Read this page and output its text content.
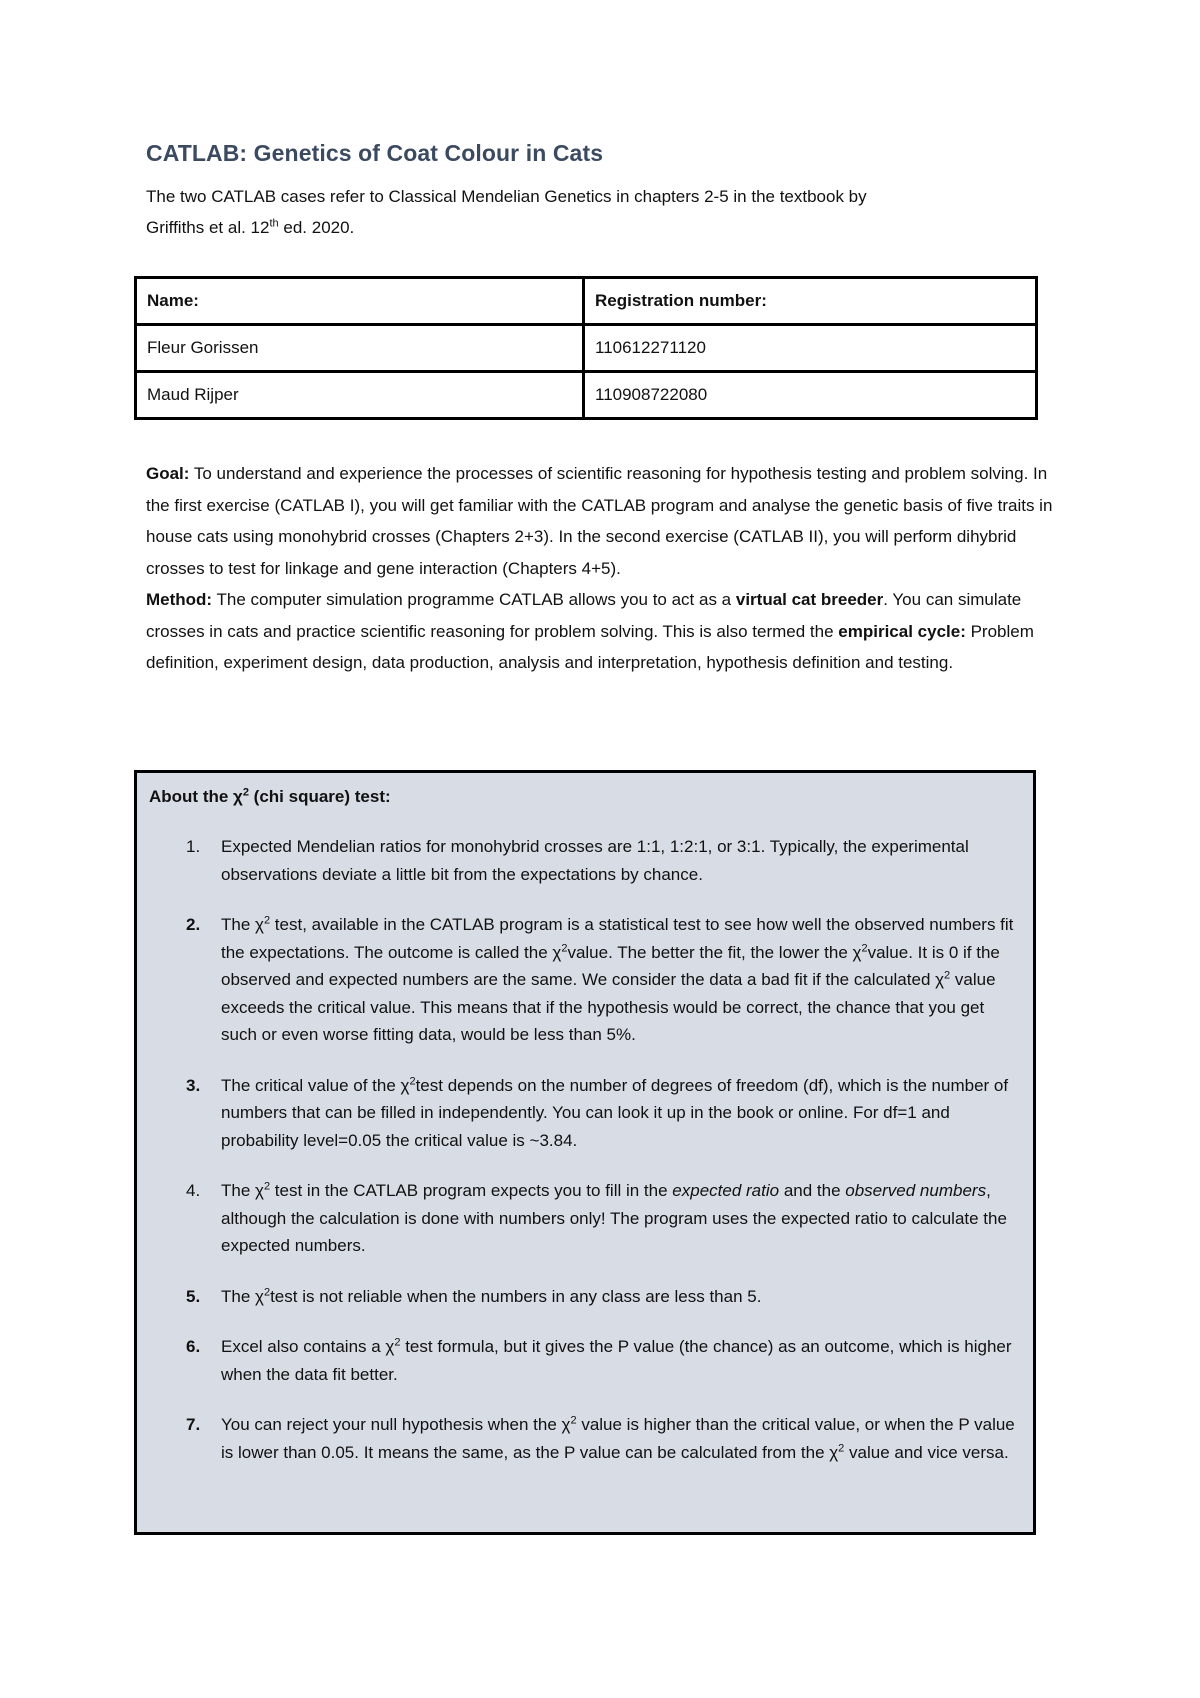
CATLAB: Genetics of Coat Colour in Cats

The two CATLAB cases refer to Classical Mendelian Genetics in chapters 2-5 in the textbook by
Griffiths et al. 12th ed. 2020.

Name:	Registration number:
Fleur Gorissen	110612271120
Maud Rijper	110908722080

Goal: To understand and experience the processes of scientific reasoning for hypothesis testing and problem solving. In the first exercise (CATLAB I), you will get familiar with the CATLAB program and analyse the genetic basis of five traits in house cats using monohybrid crosses (Chapters 2+3). In the second exercise (CATLAB II), you will perform dihybrid crosses to test for linkage and gene interaction (Chapters 4+5).

Method: The computer simulation programme CATLAB allows you to act as a virtual cat breeder. You can simulate crosses in cats and practice scientific reasoning for problem solving. This is also termed the empirical cycle: Problem definition, experiment design, data production, analysis and interpretation, hypothesis definition and testing.

About the $\chi^2$ (chi square) test:
1.	Expected Mendelian ratios for monohybrid crosses are 1:1, 1:2:1, or 3:1. Typically, the experimental observations deviate a little bit from the expectations by chance.
2.	The $\chi^2$ test, available in the CATLAB program is a statistical test to see how well the observed numbers fit the expectations. The outcome is called the $\chi^2value$. The better the fit, the lower the $\chi^2value$. It is 0 if the observed and expected numbers are the same. We consider the data a bad fit if the calculated $\chi^2$ value exceeds the critical value. This means that if the hypothesis would be correct, the chance that you get such or even worse fitting data, would be less than 5%.
3.	The critical value of the $\chi^2test$ depends on the number of degrees of freedom (df), which is the number of numbers that can be filled in independently. You can look it up in the book or online. For df=1 and probability level=0.05 the critical value is ~3.84.
4.	The $\chi^2$ test in the CATLAB program expects you to fill in the expected ratio and the observed numbers, although the calculation is done with numbers only! The program uses the expected ratio to calculate the expected numbers.
5.	The $\chi^2test$ is not reliable when the numbers in any class are less than 5.
6.	Excel also contains a $\chi^2$ test formula, but it gives the P value (the chance) as an outcome, which is higher when the data fit better.
7.	You can reject your null hypothesis when the $\chi^2$ value is higher than the critical value, or when the P value is lower than 0.05. It means the same, as the P value can be calculated from the $\chi^2$ value and vice versa.
